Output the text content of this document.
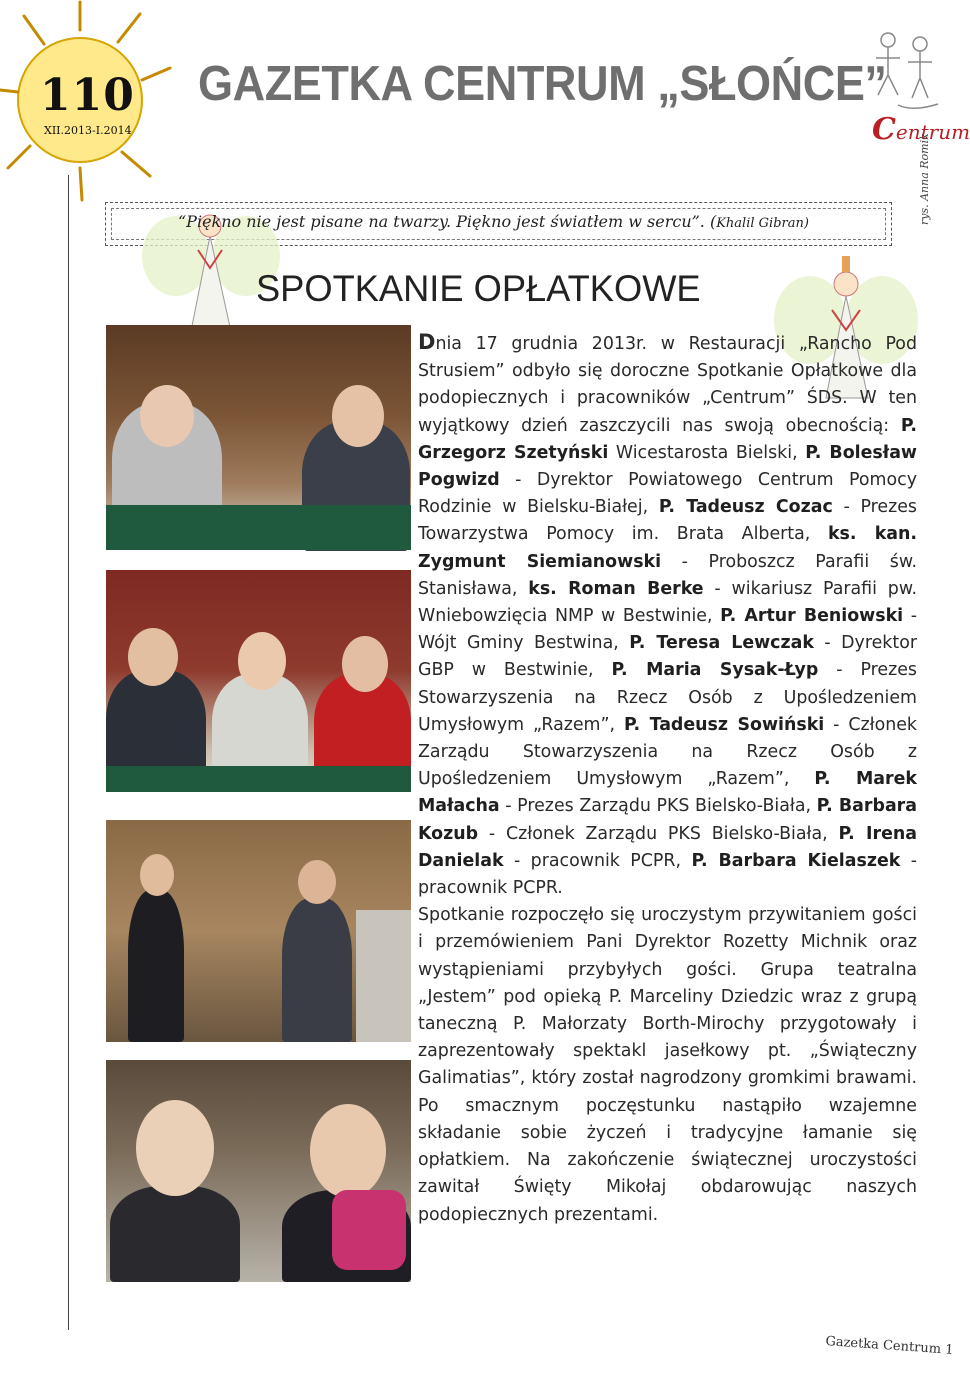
110
XII.2013-I.2014
GAZETKA CENTRUM „SŁOŃCE”
Centrum
“Piękno nie jest pisane na twarzy. Piękno jest światłem w sercu”. (Khalil Gibran)	rys. Anna Romik
SPOTKANIE OPŁATKOWE

Dnia 17 grudnia 2013r. w Restauracji „Rancho Pod Strusiem” odbyło się doroczne Spotkanie Opłatkowe dla podopiecznych i pracowników „Centrum” ŚDS. W ten wyjątkowy dzień zaszczycili nas swoją obecnością: P. Grzegorz Szetyński Wicestarosta Bielski, P. Bolesław Pogwizd - Dyrektor Powiatowego Centrum Pomocy Rodzinie w Bielsku-Białej, P. Tadeusz Cozac - Prezes Towarzystwa Pomocy im. Brata Alberta, ks. kan. Zygmunt Siemianowski - Proboszcz Parafii św. Stanisława, ks. Roman Berke - wikariusz Parafii pw. Wniebowzięcia NMP w Bestwinie, P. Artur Beniowski - Wójt Gminy Bestwina, P. Teresa Lewczak - Dyrektor GBP w Bestwinie, P. Maria Sysak-Łyp - Prezes Stowarzyszenia na Rzecz Osób z Upośledzeniem Umysłowym „Razem”, P. Tadeusz Sowiński - Członek Zarządu Stowarzyszenia na Rzecz Osób z Upośledzeniem Umysłowym „Razem”, P. Marek Małacha - Prezes Zarządu PKS Bielsko-Biała, P. Barbara Kozub - Członek Zarządu PKS Bielsko-Biała, P. Irena Danielak - pracownik PCPR, P. Barbara Kielaszek - pracownik PCPR.

Spotkanie rozpoczęło się uroczystym przywitaniem gości i przemówieniem Pani Dyrektor Rozetty Michnik oraz wystąpieniami przybyłych gości. Grupa teatralna „Jestem” pod opieką P. Marceliny Dziedzic wraz z grupą taneczną P. Małorzaty Borth-Mirochy przygotowały i zaprezentowały spektakl jasełkowy pt. „Świąteczny Galimatias”, który został nagrodzony gromkimi brawami. Po smacznym poczęstunku nastąpiło wzajemne składanie sobie życzeń i tradycyjne łamanie się opłatkiem. Na zakończenie świątecznej uroczystości zawitał Święty Mikołaj obdarowując naszych podopiecznych prezentami.

Gazetka Centrum 1
